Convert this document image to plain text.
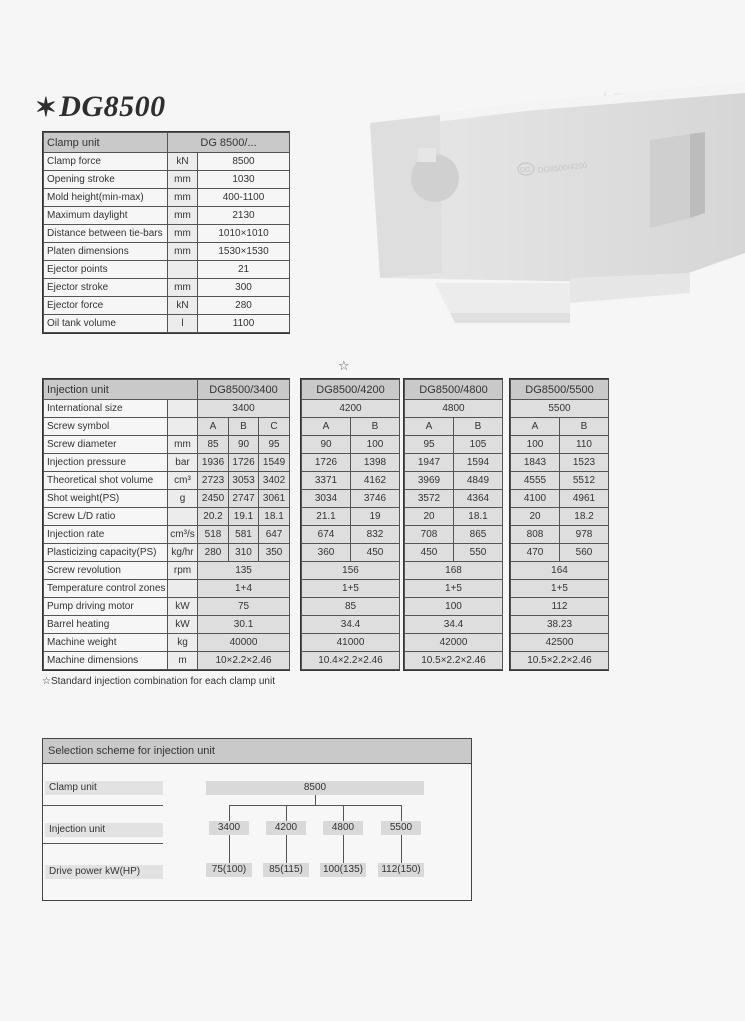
✶DG8500
DG DG8500/4200
Clamp unit	DG 8500/...	
Clamp force	kN	8500
Opening stroke	mm	1030
Mold height(min-max)	mm	400-1100
Maximum daylight	mm	2130
Distance between tie-bars	mm	1010×1010
Platen dimensions	mm	1530×1530
Ejector points		21
Ejector stroke	mm	300
Ejector force	kN	280
Oil tank volume	l	1100
☆
Injection unit		DG8500/3400		
International size		3400		
Screw symbol		A	B	C
Screw diameter	mm	85	90	95
Injection pressure	bar	1936	1726	1549
Theoretical shot volume	cm³	2723	3053	3402
Shot weight(PS)	g	2450	2747	3061
Screw L/D ratio		20.2	19.1	18.1
Injection rate	cm³/s	518	581	647
Plasticizing capacity(PS)	kg/hr	280	310	350
Screw revolution	rpm	135		
Temperature control zones		1+4		
Pump driving motor	kW	75		
Barrel heating	kW	30.1		
Machine weight	kg	40000		
Machine dimensions	m	10×2.2×2.46		
DG8500/4200	
4200	
A	B
90	100
1726	1398
3371	4162
3034	3746
21.1	19
674	832
360	450
156	
1+5	
85	
34.4	
41000	
10.4×2.2×2.46	
DG8500/4800	
4800	
A	B
95	105
1947	1594
3969	4849
3572	4364
20	18.1
708	865
450	550
168	
1+5	
100	
34.4	
42000	
10.5×2.2×2.46	
DG8500/5500	
5500	
A	B
100	110
1843	1523
4555	5512
4100	4961
20	18.2
808	978
470	560
164	
1+5	
112	
38.23	
42500	
10.5×2.2×2.46	
☆Standard injection combination for each clamp unit
Selection scheme for injection unit
Clamp unit
Injection unit
Drive power kW(HP)
8500
3400	4200	4800	5500
75(100)	85(115)	100(135)	112(150)
